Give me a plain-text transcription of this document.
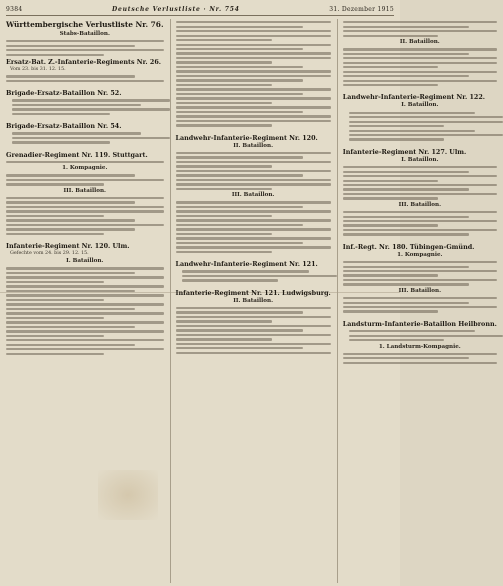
9384	Deutsche Verlustliste · Nr. 754	31. Dezember 1915
Württembergische Verlustliste Nr. 76.
Stabs-Bataillon.
Ersatz-Bat. Z.-Infanterie-Regiments Nr. 26.
Vom 23. bis 31. 12. 15.
Brigade-Ersatz-Bataillon Nr. 52.
Brigade-Ersatz-Bataillon Nr. 54.
Grenadier-Regiment Nr. 119. Stuttgart.
1. Kompagnie.
III. Bataillon.
Infanterie-Regiment Nr. 120. Ulm.
Gefechte vom 24. bis 29. 12. 15.
I. Bataillon.
Landwehr-Infanterie-Regiment Nr. 120.
II. Bataillon.
III. Bataillon.
Landwehr-Infanterie-Regiment Nr. 121.
Infanterie-Regiment Nr. 121. Ludwigsburg.
II. Bataillon.
II. Bataillon.
Landwehr-Infanterie-Regiment Nr. 122.
I. Bataillon.
Infanterie-Regiment Nr. 127. Ulm.
I. Bataillon.
III. Bataillon.
Inf.-Regt. Nr. 180. Tübingen-Gmünd.
1. Kompagnie.
III. Bataillon.
Landsturm-Infanterie-Bataillon Heilbronn.
1. Landsturm-Kompagnie.
